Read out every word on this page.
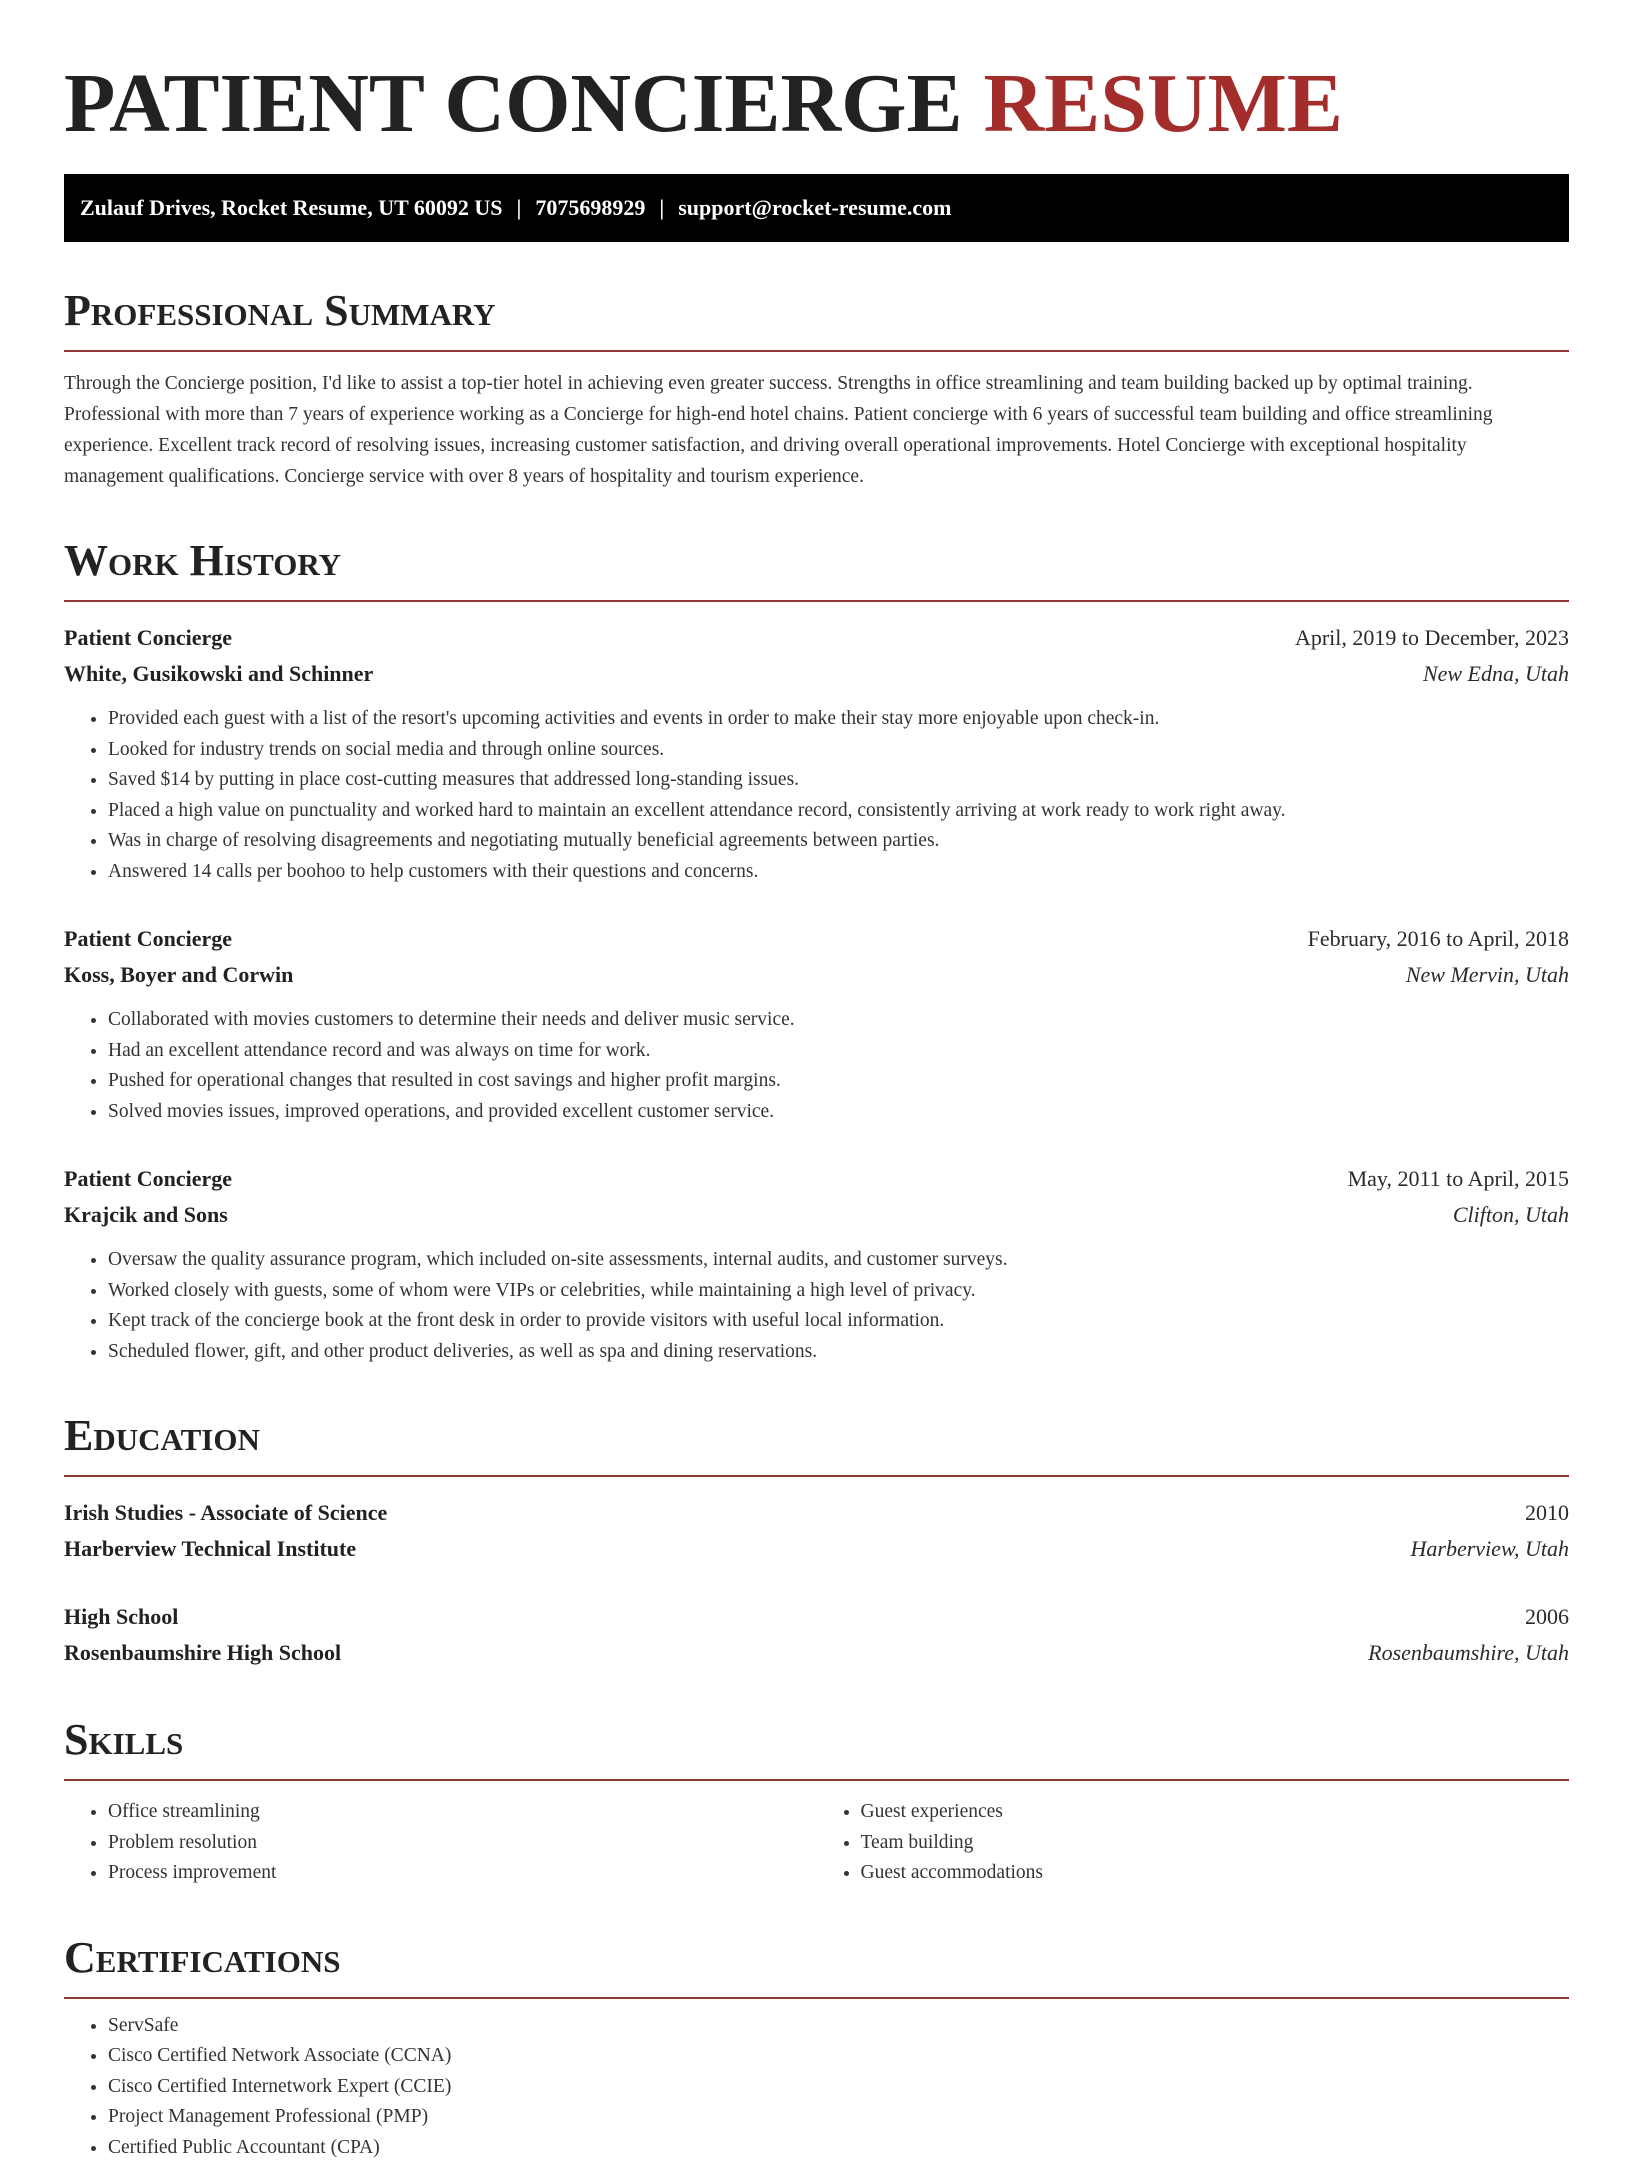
PATIENT CONCIERGE RESUME
Zulauf Drives, Rocket Resume, UT 60092 US | 7075698929 | support@rocket-resume.com
Professional Summary

Through the Concierge position, I'd like to assist a top-tier hotel in achieving even greater success. Strengths in office streamlining and team building backed up by optimal training. Professional with more than 7 years of experience working as a Concierge for high-end hotel chains. Patient concierge with 6 years of successful team building and office streamlining experience. Excellent track record of resolving issues, increasing customer satisfaction, and driving overall operational improvements. Hotel Concierge with exceptional hospitality management qualifications. Concierge service with over 8 years of hospitality and tourism experience.

Work History
Patient Concierge	April, 2019 to December, 2023
White, Gusikowski and Schinner	New Edna, Utah
• Provided each guest with a list of the resort's upcoming activities and events in order to make their stay more enjoyable upon check-in.
• Looked for industry trends on social media and through online sources.
• Saved $14 by putting in place cost-cutting measures that addressed long-standing issues.
• Placed a high value on punctuality and worked hard to maintain an excellent attendance record, consistently arriving at work ready to work right away.
• Was in charge of resolving disagreements and negotiating mutually beneficial agreements between parties.
• Answered 14 calls per boohoo to help customers with their questions and concerns.
Patient Concierge	February, 2016 to April, 2018
Koss, Boyer and Corwin	New Mervin, Utah
• Collaborated with movies customers to determine their needs and deliver music service.
• Had an excellent attendance record and was always on time for work.
• Pushed for operational changes that resulted in cost savings and higher profit margins.
• Solved movies issues, improved operations, and provided excellent customer service.
Patient Concierge	May, 2011 to April, 2015
Krajcik and Sons	Clifton, Utah
• Oversaw the quality assurance program, which included on-site assessments, internal audits, and customer surveys.
• Worked closely with guests, some of whom were VIPs or celebrities, while maintaining a high level of privacy.
• Kept track of the concierge book at the front desk in order to provide visitors with useful local information.
• Scheduled flower, gift, and other product deliveries, as well as spa and dining reservations.
Education
Irish Studies - Associate of Science	2010
Harberview Technical Institute	Harberview, Utah
High School	2006
Rosenbaumshire High School	Rosenbaumshire, Utah
Skills
• Office streamlining
• Problem resolution
• Process improvement
• Guest experiences
• Team building
• Guest accommodations
Certifications
• ServSafe
• Cisco Certified Network Associate (CCNA)
• Cisco Certified Internetwork Expert (CCIE)
• Project Management Professional (PMP)
• Certified Public Accountant (CPA)
